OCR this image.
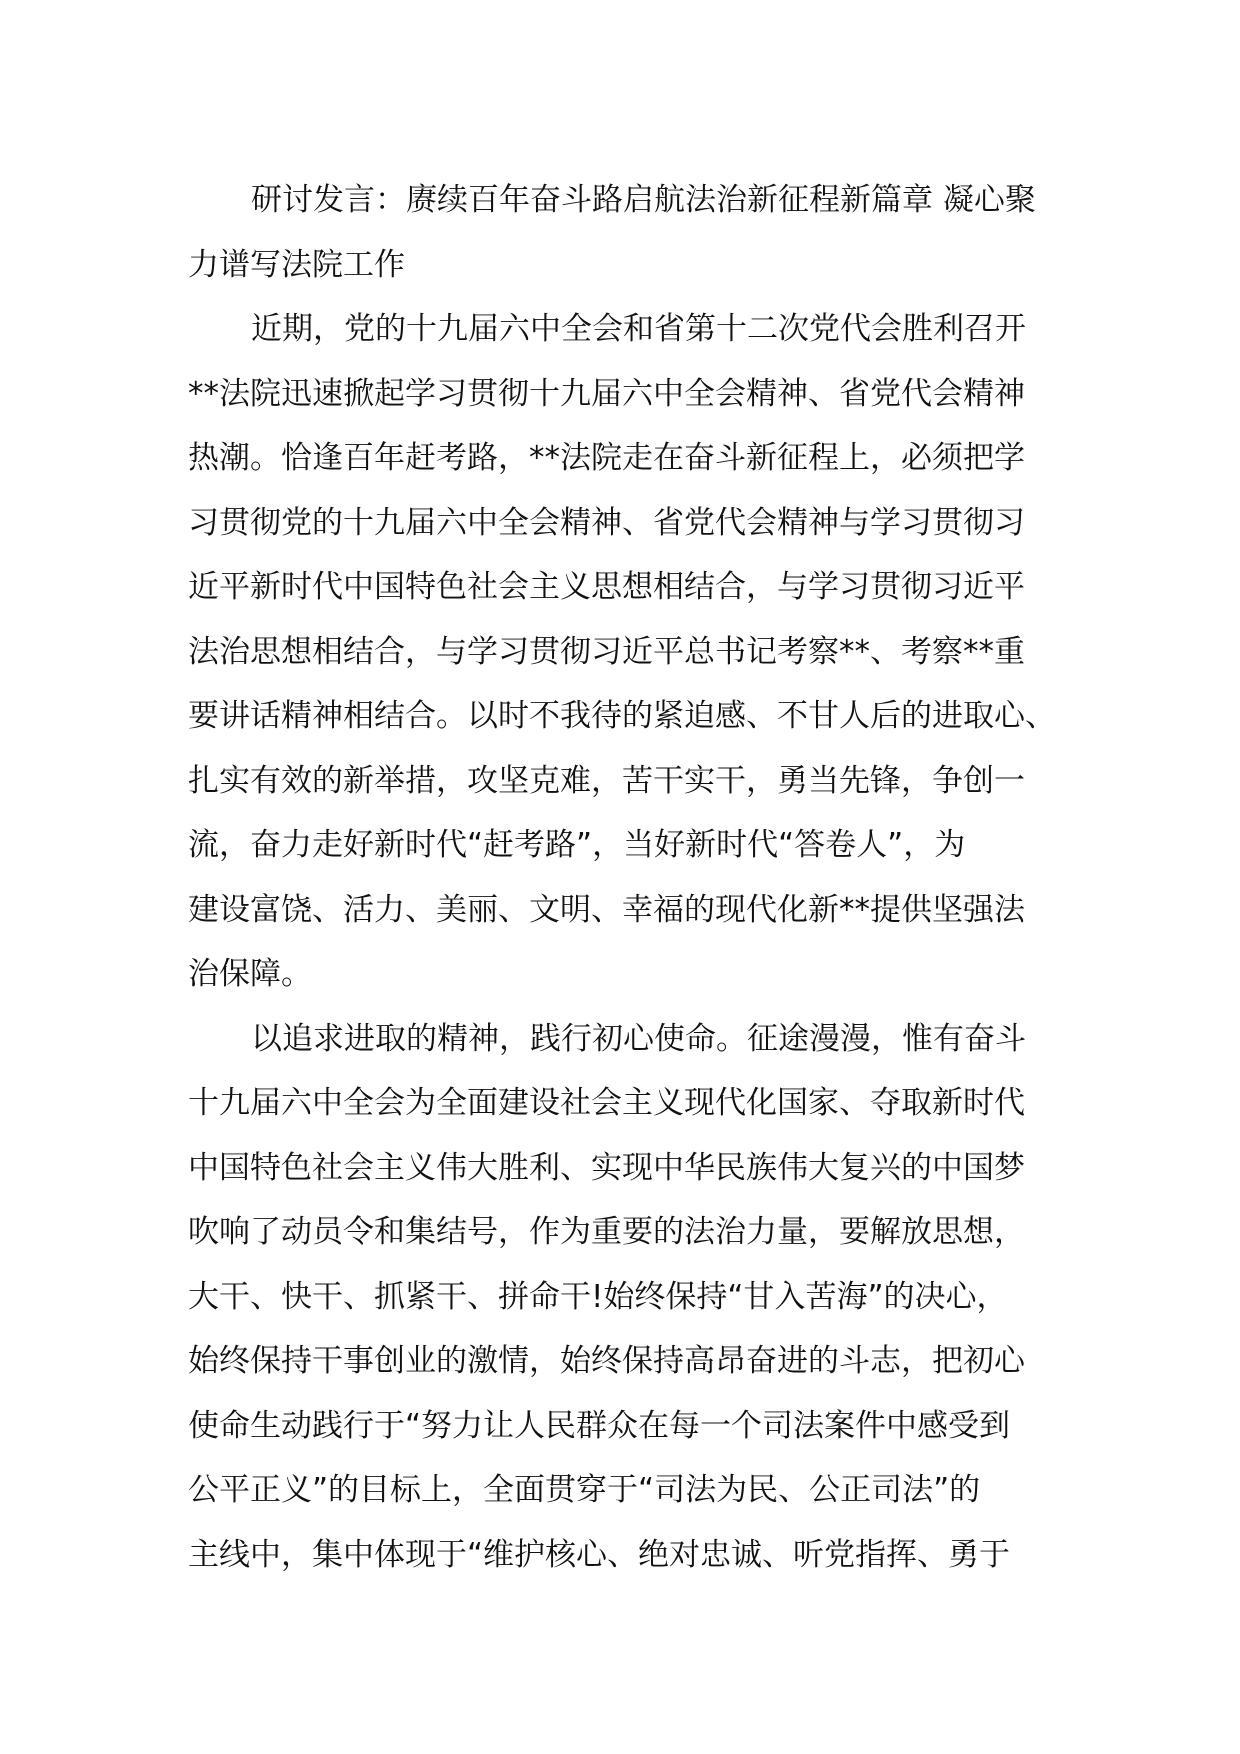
研讨发言：赓续百年奋斗路启航法治新征程新篇章 凝心聚
力谱写法院工作
近期，党的十九届六中全会和省第十二次党代会胜利召开
**法院迅速掀起学习贯彻十九届六中全会精神、省党代会精神
热潮。恰逢百年赶考路，**法院走在奋斗新征程上，必须把学
习贯彻党的十九届六中全会精神、省党代会精神与学习贯彻习
近平新时代中国特色社会主义思想相结合，与学习贯彻习近平
法治思想相结合，与学习贯彻习近平总书记考察**、考察**重
要讲话精神相结合。以时不我待的紧迫感、不甘人后的进取心、
扎实有效的新举措，攻坚克难，苦干实干，勇当先锋，争创一
流，奋力走好新时代“赶考路”，当好新时代“答卷人”，为
建设富饶、活力、美丽、文明、幸福的现代化新**提供坚强法
治保障。
以追求进取的精神，践行初心使命。征途漫漫，惟有奋斗
十九届六中全会为全面建设社会主义现代化国家、夺取新时代
中国特色社会主义伟大胜利、实现中华民族伟大复兴的中国梦
吹响了动员令和集结号，作为重要的法治力量，要解放思想，
大干、快干、抓紧干、拼命干!始终保持“甘入苦海”的决心，
始终保持干事创业的激情，始终保持高昂奋进的斗志，把初心
使命生动践行于“努力让人民群众在每一个司法案件中感受到
公平正义”的目标上，全面贯穿于“司法为民、公正司法”的
主线中，集中体现于“维护核心、绝对忠诚、听党指挥、勇于
